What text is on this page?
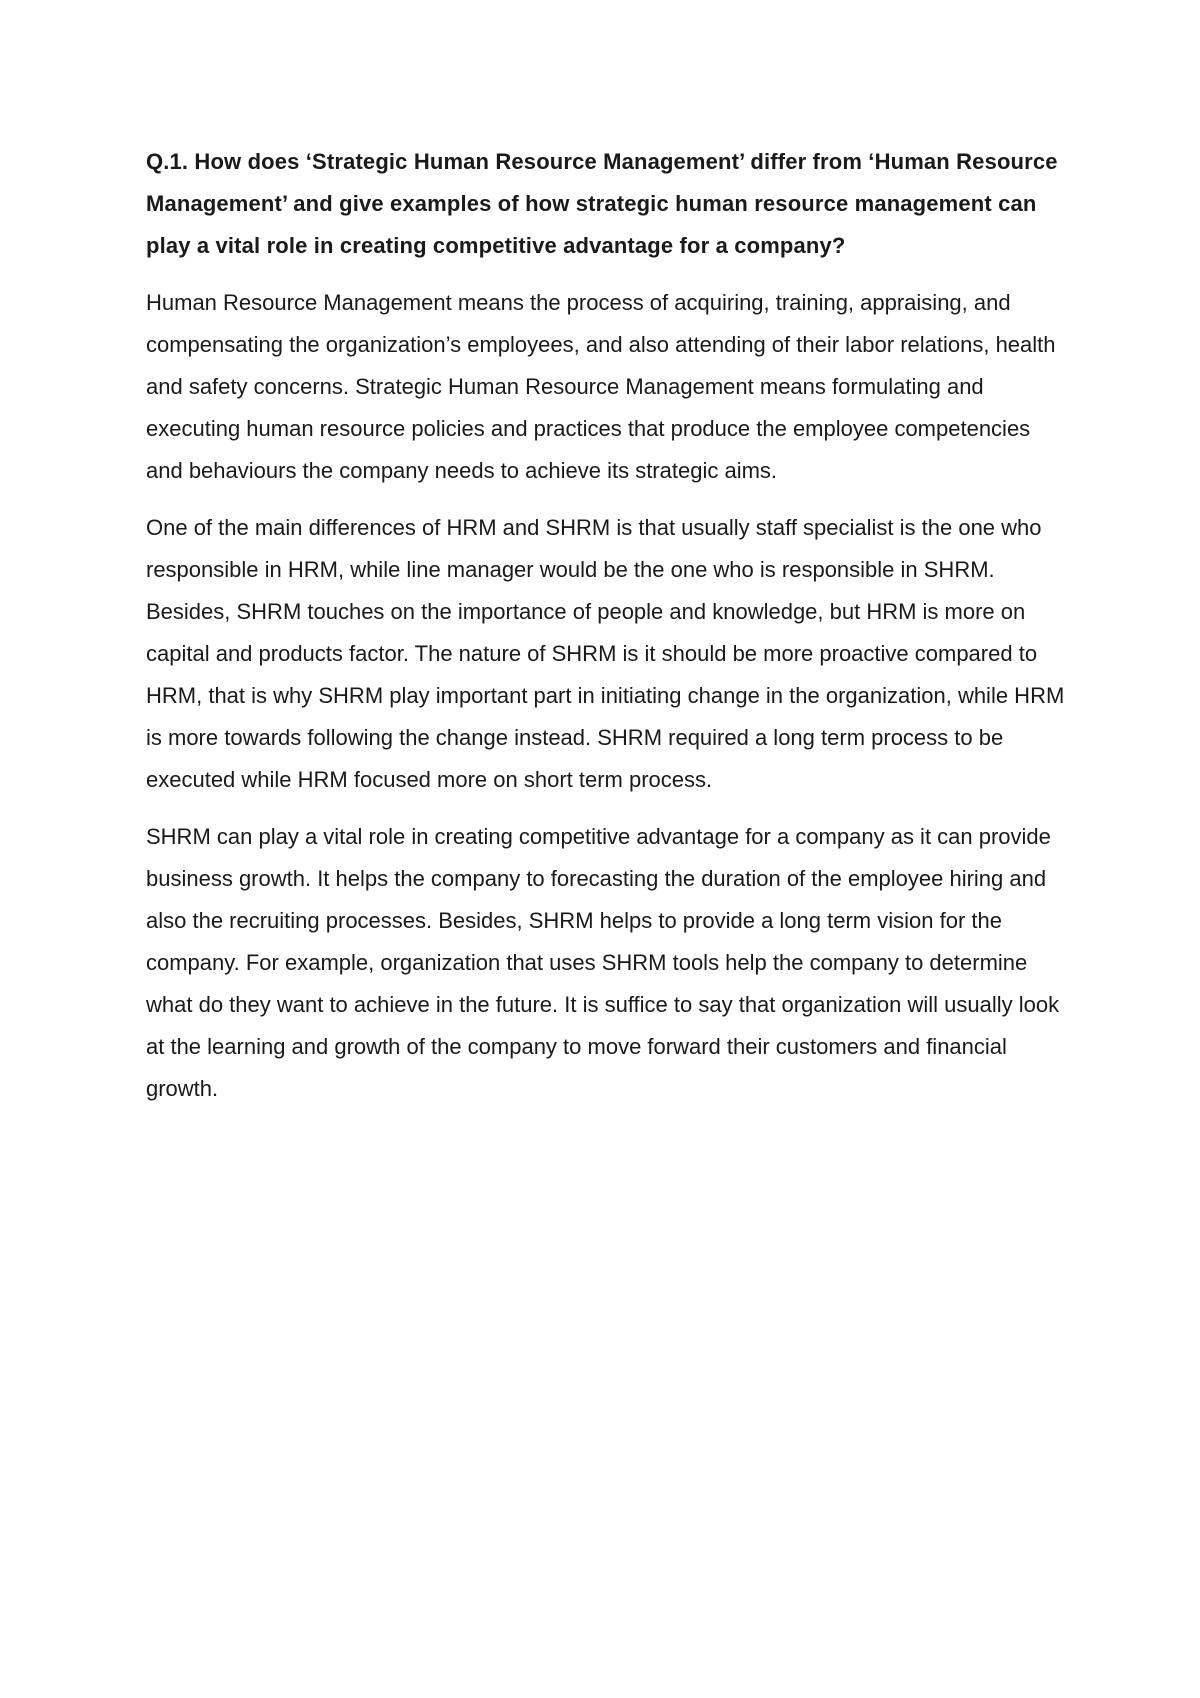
Q.1. How does ‘Strategic Human Resource Management’ differ from ‘Human Resource Management’ and give examples of how strategic human resource management can play a vital role in creating competitive advantage for a company?

Human Resource Management means the process of acquiring, training, appraising, and compensating the organization’s employees, and also attending of their labor relations, health and safety concerns. Strategic Human Resource Management means formulating and executing human resource policies and practices that produce the employee competencies and behaviours the company needs to achieve its strategic aims.

One of the main differences of HRM and SHRM is that usually staff specialist is the one who responsible in HRM, while line manager would be the one who is responsible in SHRM. Besides, SHRM touches on the importance of people and knowledge, but HRM is more on capital and products factor. The nature of SHRM is it should be more proactive compared to HRM, that is why SHRM play important part in initiating change in the organization, while HRM is more towards following the change instead. SHRM required a long term process to be executed while HRM focused more on short term process.

SHRM can play a vital role in creating competitive advantage for a company as it can provide business growth. It helps the company to forecasting the duration of the employee hiring and also the recruiting processes. Besides, SHRM helps to provide a long term vision for the company. For example, organization that uses SHRM tools help the company to determine what do they want to achieve in the future. It is suffice to say that organization will usually look at the learning and growth of the company to move forward their customers and financial growth.
